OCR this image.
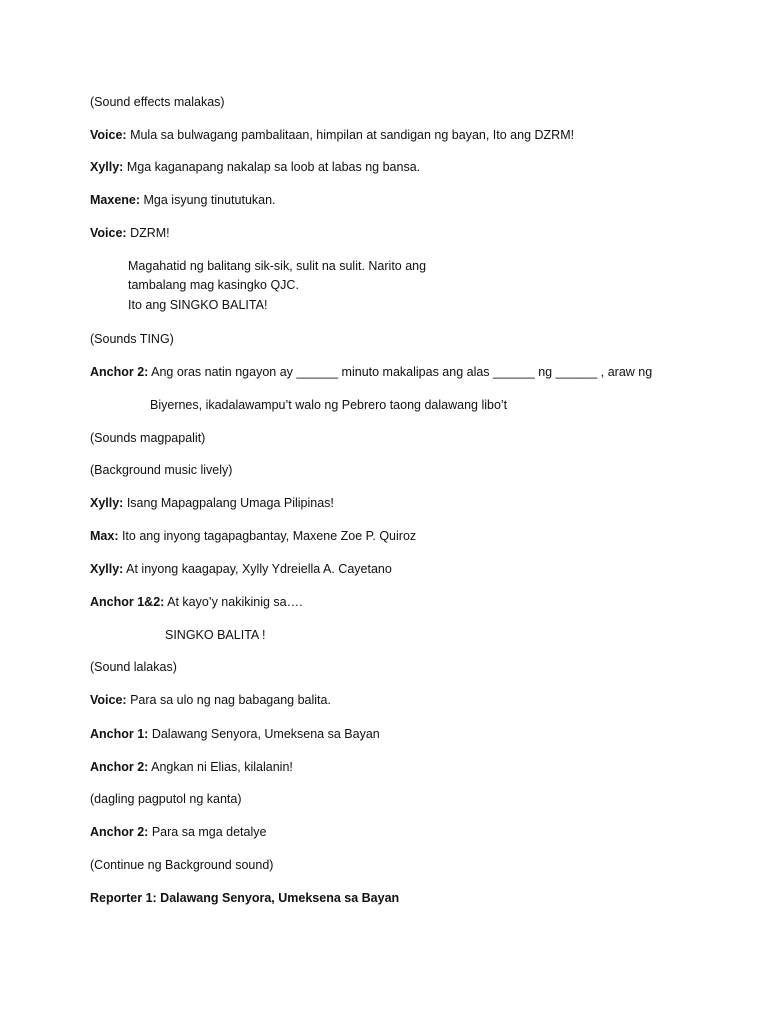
(Sound effects malakas)
Voice: Mula sa bulwagang pambalitaan, himpilan at sandigan ng bayan, Ito ang DZRM!
Xylly: Mga kaganapang nakalap sa loob at labas ng bansa.
Maxene: Mga isyung tinututukan.
Voice: DZRM!
Magahatid ng balitang sik-sik, sulit na sulit. Narito ang
tambalang mag kasingko QJC.
Ito ang SINGKO BALITA!
(Sounds TING)
Anchor 2: Ang oras natin ngayon ay ______ minuto makalipas ang alas ______ ng ______ , araw ng
Biyernes, ikadalawampu’t walo ng Pebrero taong dalawang libo’t
(Sounds magpapalit)
(Background music lively)
Xylly: Isang Mapagpalang Umaga Pilipinas!
Max: Ito ang inyong tagapagbantay, Maxene Zoe P. Quiroz
Xylly: At inyong kaagapay, Xylly Ydreiella A. Cayetano
Anchor 1&2: At kayo’y nakikinig sa….
SINGKO BALITA !
(Sound lalakas)
Voice: Para sa ulo ng nag babagang balita.
Anchor 1: Dalawang Senyora, Umeksena sa Bayan
Anchor 2: Angkan ni Elias, kilalanin!
(dagling pagputol ng kanta)
Anchor 2: Para sa mga detalye
(Continue ng Background sound)
Reporter 1: Dalawang Senyora, Umeksena sa Bayan
